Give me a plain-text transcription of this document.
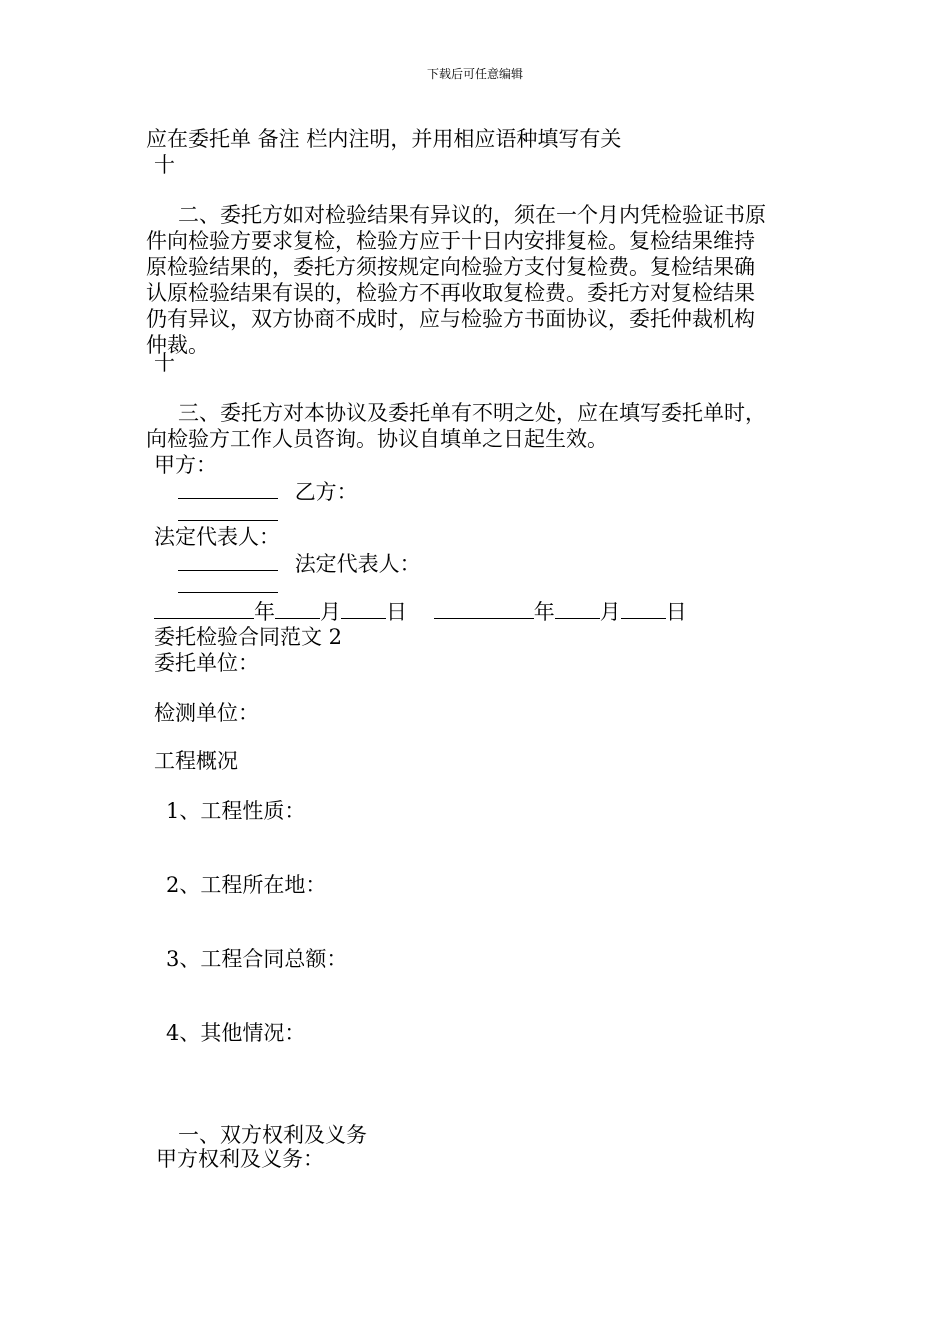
下载后可任意编辑
应在委托单 备注 栏内注明，并用相应语种填写有关
十
二、委托方如对检验结果有异议的，须在一个月内凭检验证书原
件向检验方要求复检，检验方应于十日内安排复检。复检结果维持
原检验结果的，委托方须按规定向检验方支付复检费。复检结果确
认原检验结果有误的，检验方不再收取复检费。委托方对复检结果
仍有异议，双方协商不成时，应与检验方书面协议，委托仲裁机构
仲裁。
十
三、委托方对本协议及委托单有不明之处，应在填写委托单时，
向检验方工作人员咨询。协议自填单之日起生效。
甲方：
乙方：
法定代表人：
法定代表人：
年 月 日	年 月 日
委托检验合同范文 2
委托单位：
检测单位：
工程概况
1、工程性质：
2、工程所在地：
3、工程合同总额：
4、其他情况：
一、双方权利及义务
甲方权利及义务：
